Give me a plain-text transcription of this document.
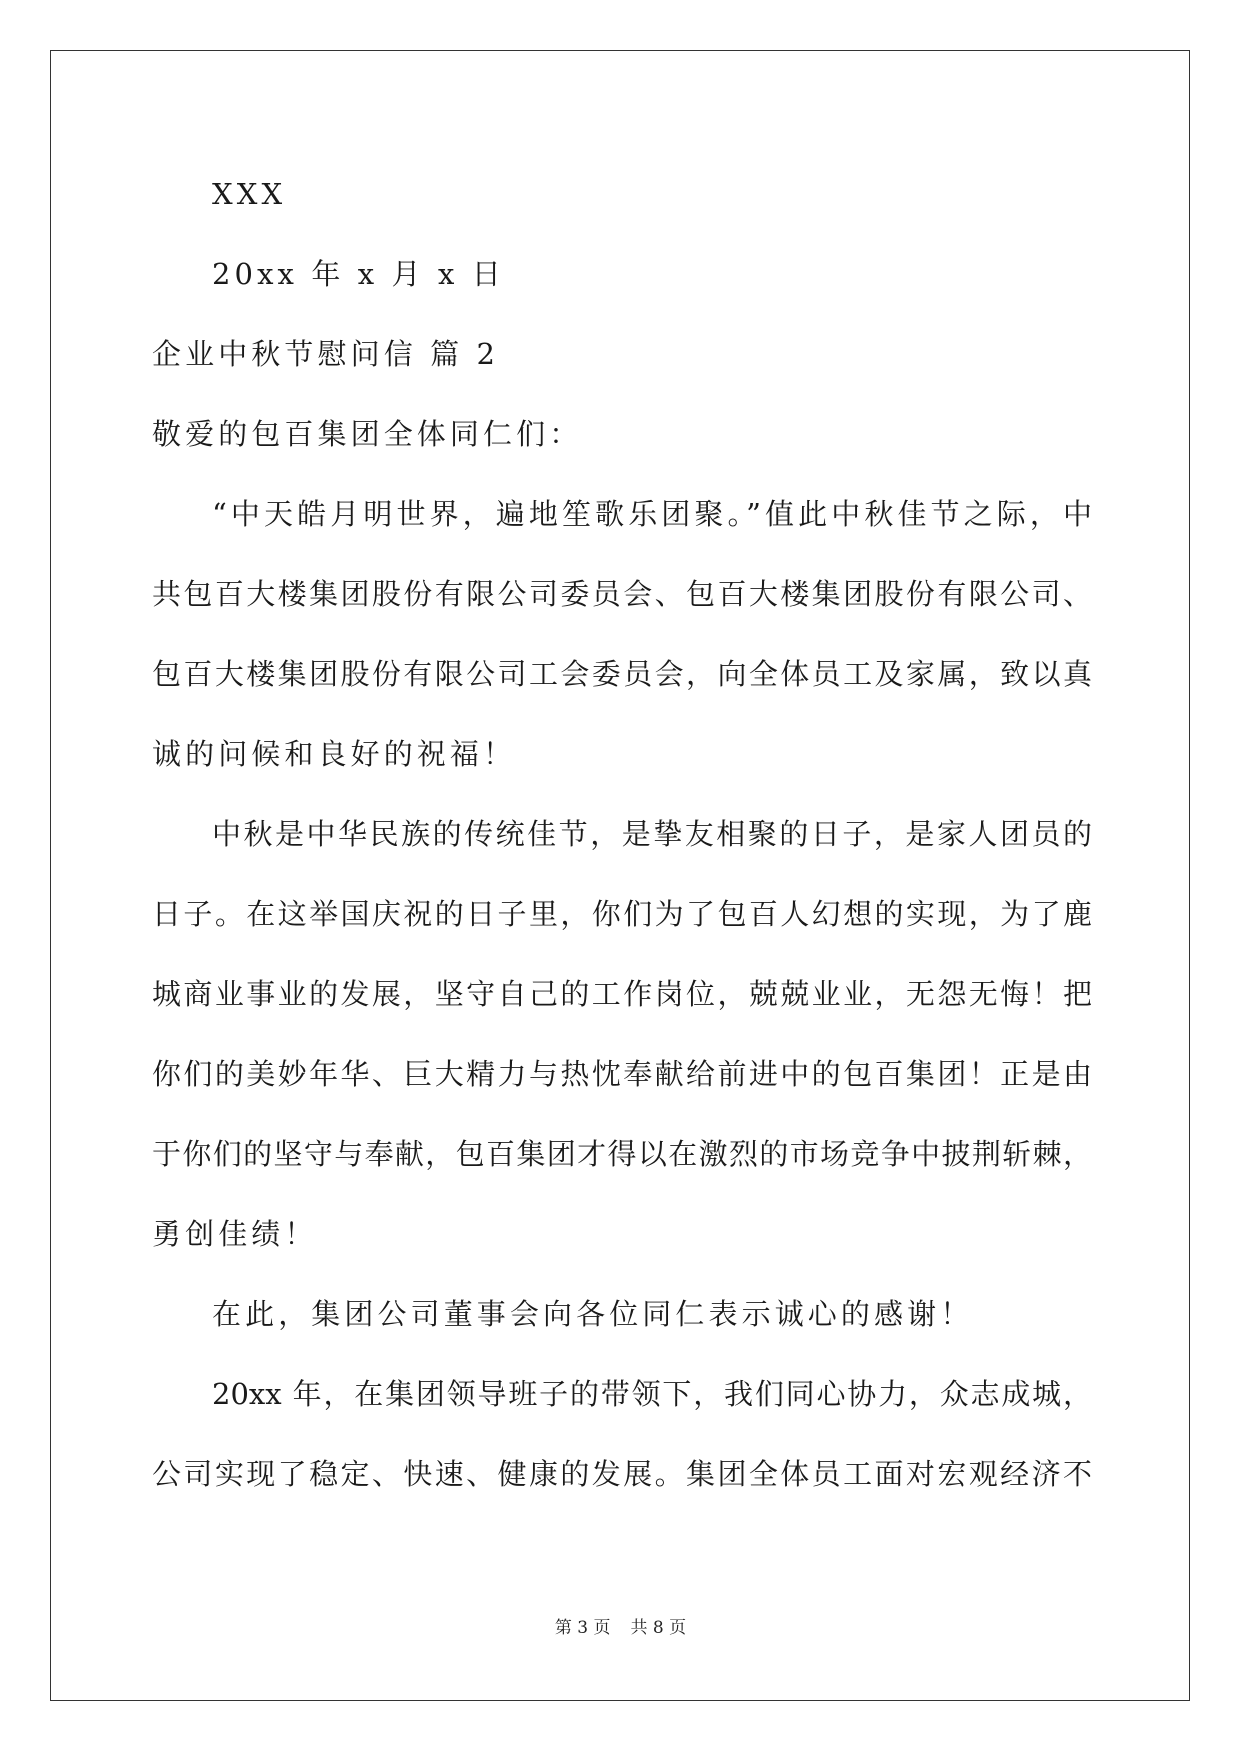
XXX
20xx 年 x 月 x 日
企业中秋节慰问信 篇 2
敬爱的包百集团全体同仁们：
“中天皓月明世界，遍地笙歌乐团聚。”值此中秋佳节之际，中
共包百大楼集团股份有限公司委员会、包百大楼集团股份有限公司、
包百大楼集团股份有限公司工会委员会，向全体员工及家属，致以真
诚的问候和良好的祝福！
中秋是中华民族的传统佳节，是挚友相聚的日子，是家人团员的
日子。在这举国庆祝的日子里，你们为了包百人幻想的实现，为了鹿
城商业事业的发展，坚守自己的工作岗位，兢兢业业，无怨无悔！把
你们的美妙年华、巨大精力与热忱奉献给前进中的包百集团！正是由
于你们的坚守与奉献，包百集团才得以在激烈的市场竞争中披荆斩棘，
勇创佳绩！
在此，集团公司董事会向各位同仁表示诚心的感谢！
20xx 年，在集团领导班子的带领下，我们同心协力，众志成城，
公司实现了稳定、快速、健康的发展。集团全体员工面对宏观经济不
第 3 页 共 8 页
